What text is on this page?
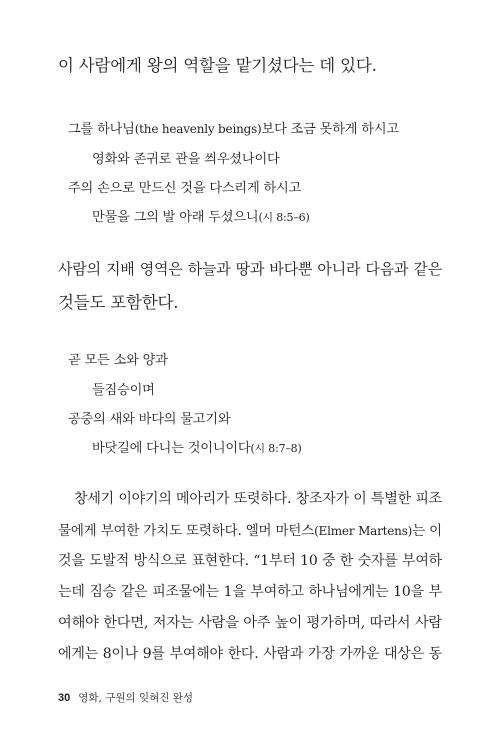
이 사람에게 왕의 역할을 맡기셨다는 데 있다.
그를 하나님(the heavenly beings)보다 조금 못하게 하시고
영화와 존귀로 관을 씌우셨나이다
주의 손으로 만드신 것을 다스리게 하시고
만물을 그의 발 아래 두셨으니(시 8:5–6)
사람의 지배 영역은 하늘과 땅과 바다뿐 아니라 다음과 같은
것들도 포함한다.
곧 모든 소와 양과
들짐승이며
공중의 새와 바다의 물고기와
바닷길에 다니는 것이니이다(시 8:7–8)
창세기 이야기의 메아리가 또렷하다. 창조자가 이 특별한 피조
물에게 부여한 가치도 또렷하다. 엘머 마턴스(Elmer Martens)는 이
것을 도발적 방식으로 표현한다. “1부터 10 중 한 숫자를 부여하
는데 짐승 같은 피조물에는 1을 부여하고 하나님에게는 10을 부
여해야 한다면, 저자는 사람을 아주 높이 평가하며, 따라서 사람
에게는 8이나 9를 부여해야 한다. 사람과 가장 가까운 대상은 동
30 영화, 구원의 잊혀진 완성
